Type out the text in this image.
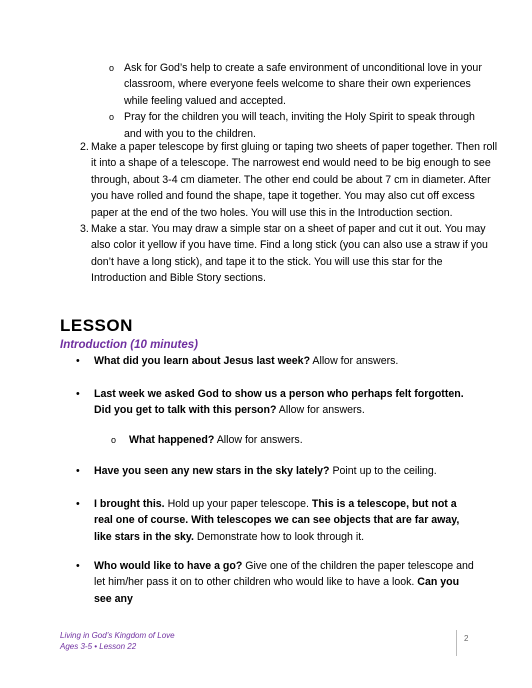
o Ask for God’s help to create a safe environment of unconditional love in your classroom, where everyone feels welcome to share their own experiences while feeling valued and accepted.
o Pray for the children you will teach, inviting the Holy Spirit to speak through and with you to the children.
2. Make a paper telescope by first gluing or taping two sheets of paper together. Then roll it into a shape of a telescope. The narrowest end would need to be big enough to see through, about 3-4 cm diameter. The other end could be about 7 cm in diameter. After you have rolled and found the shape, tape it together. You may also cut off excess paper at the end of the two holes. You will use this in the Introduction section.
3. Make a star. You may draw a simple star on a sheet of paper and cut it out. You may also color it yellow if you have time. Find a long stick (you can also use a straw if you don’t have a long stick), and tape it to the stick. You will use this star for the Introduction and Bible Story sections.
LESSON
Introduction (10 minutes)
• What did you learn about Jesus last week? Allow for answers.
• Last week we asked God to show us a person who perhaps felt forgotten. Did you get to talk with this person? Allow for answers.
o What happened? Allow for answers.
• Have you seen any new stars in the sky lately? Point up to the ceiling.
• I brought this. Hold up your paper telescope. This is a telescope, but not a real one of course. With telescopes we can see objects that are far away, like stars in the sky. Demonstrate how to look through it.
• Who would like to have a go? Give one of the children the paper telescope and let him/her pass it on to other children who would like to have a look. Can you see any
Living in God’s Kingdom of Love
Ages 3-5 • Lesson 22
2
